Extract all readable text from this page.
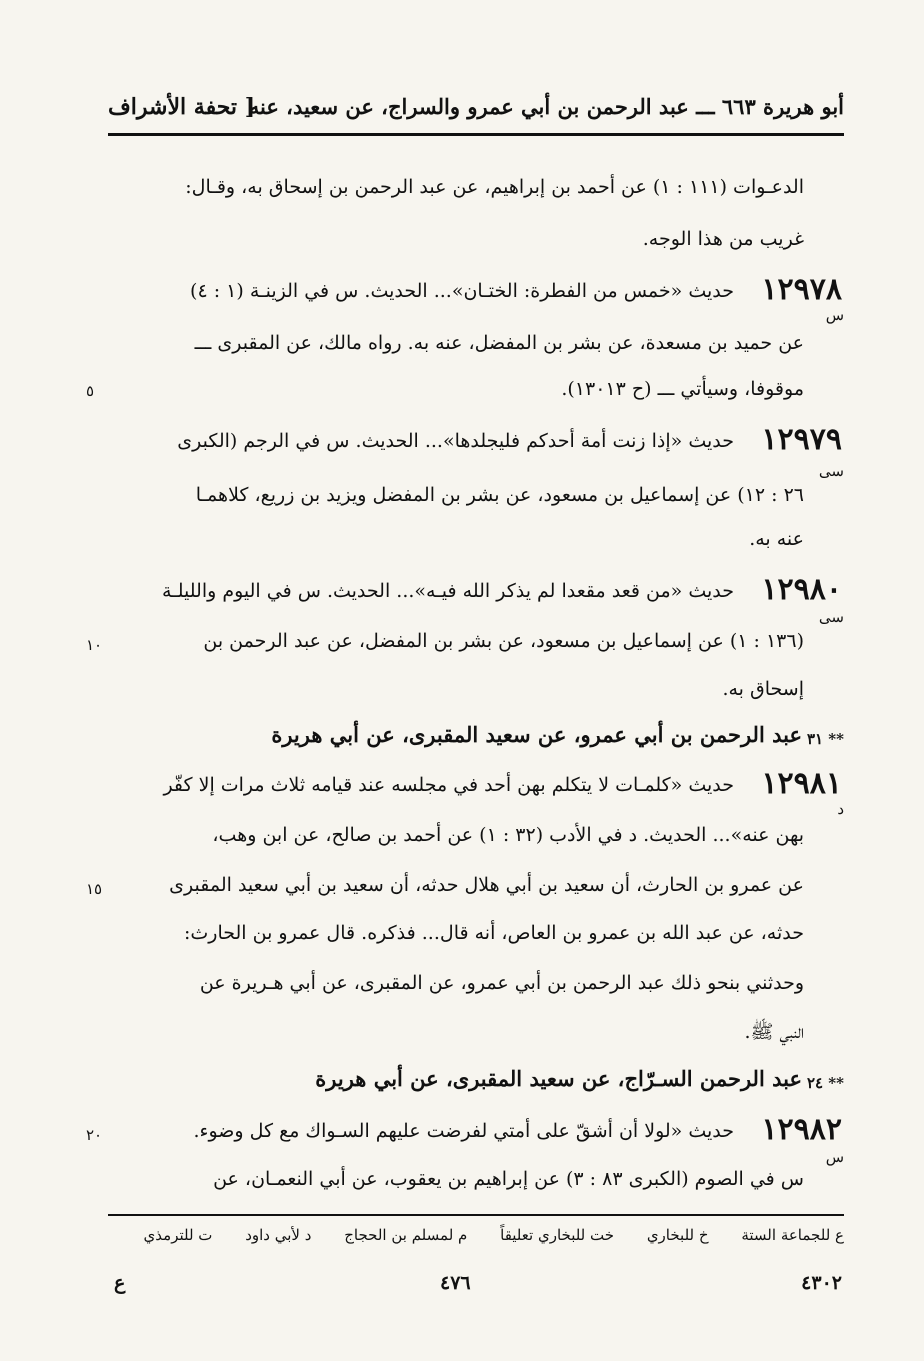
أبو هريرة ٦٦٣ ـــ عبد الرحمن بن أبي عمرو والسراج، عن سعيد، عنه
[ تحفة الأشراف
الدعـوات (١١١ : ١) عن أحمد بن إبراهيم، عن عبد الرحمن بن إسحاق به، وقـال:
غريب من هذا الوجه.
١٢٩٧٨
حديث «خمس من الفطرة: الختـان»... الحديث. س في الزينـة (١ : ٤)
س
عن حميد بن مسعدة، عن بشر بن المفضل، عنه به. رواه مالك، عن المقبرى ـــ
موقوفا، وسيأتي ـــ (ح ١٣٠١٣).
٥
١٢٩٧٩
حديث «إذا زنت أمة أحدكم فليجلدها»... الحديث. س في الرجم (الكبرى
سى
٢٦ : ١٢) عن إسماعيل بن مسعود، عن بشر بن المفضل ويزيد بن زريع، كلاهمـا
عنه به.
١٢٩٨٠
حديث «من قعد مقعدا لم يذكر الله فيـه»... الحديث. س في اليوم والليلـة
سى
(١٣٦ : ١) عن إسماعيل بن مسعود، عن بشر بن المفضل، عن عبد الرحمن بن
١٠
إسحاق به.
٣١ **
عبد الرحمن بن أبي عمرو، عن سعيد المقبرى، عن أبي هريرة
١٢٩٨١
حديث «كلمـات لا يتكلم بهن أحد في مجلسه عند قيامه ثلاث مرات إلا كفّر
د
بهن عنه»... الحديث. د في الأدب (٣٢ : ١) عن أحمد بن صالح، عن ابن وهب،
عن عمرو بن الحارث، أن سعيد بن أبي هلال حدثه، أن سعيد بن أبي سعيد المقبرى
١٥
حدثه، عن عبد الله بن عمرو بن العاص، أنه قال... فذكره. قال عمرو بن الحارث:
وحدثني بنحو ذلك عبد الرحمن بن أبي عمرو، عن المقبرى، عن أبي هـريرة عن
النبي ﷺ.
٢٤ **
عبد الرحمن السـرّاج، عن سعيد المقبرى، عن أبي هريرة
١٢٩٨٢
حديث «لولا أن أشقّ على أمتي لفرضت عليهم السـواك مع كل وضوء.
٢٠
س
س في الصوم (الكبرى ٨٣ : ٣) عن إبراهيم بن يعقوب، عن أبي النعمـان، عن
ع للجماعة الستة خ للبخاري خت للبخاري تعليقاً م لمسلم بن الحجاج د لأبي داود ت للترمذي
٤٣٠٢
٤٧٦
ع
